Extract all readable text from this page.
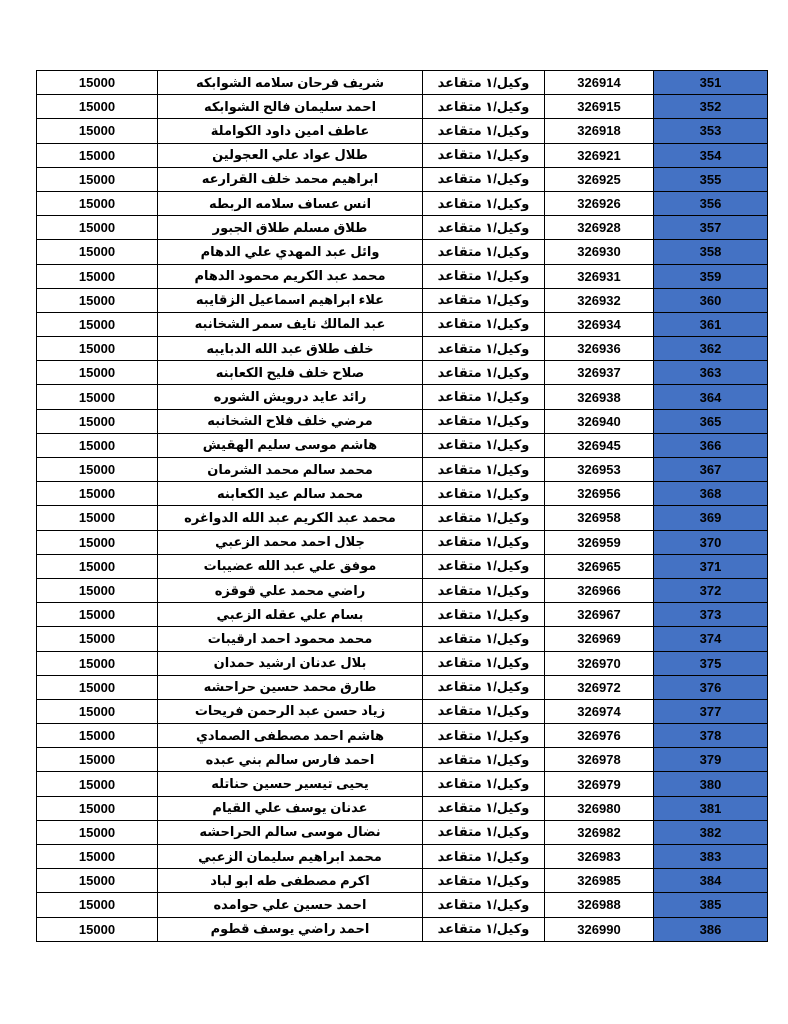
15000	شريف فرحان سلامه الشوابكه	وكيل/١ متقاعد	326914	351
15000	احمد سليمان فالح الشوابكه	وكيل/١ متقاعد	326915	352
15000	عاطف امين داود الكواملة	وكيل/١ متقاعد	326918	353
15000	طلال عواد علي العجولين	وكيل/١ متقاعد	326921	354
15000	ابراهيم محمد خلف القرارعه	وكيل/١ متقاعد	326925	355
15000	انس عساف سلامه الربطه	وكيل/١ متقاعد	326926	356
15000	طلاق مسلم طلاق الجبور	وكيل/١ متقاعد	326928	357
15000	وائل عبد المهدي علي الدهام	وكيل/١ متقاعد	326930	358
15000	محمد عبد الكريم محمود الدهام	وكيل/١ متقاعد	326931	359
15000	علاء ابراهيم اسماعيل الزقايبه	وكيل/١ متقاعد	326932	360
15000	عبد المالك نايف سمر الشخانبه	وكيل/١ متقاعد	326934	361
15000	خلف طلاق عبد الله الدبايبه	وكيل/١ متقاعد	326936	362
15000	صلاح خلف فليح الكعابنه	وكيل/١ متقاعد	326937	363
15000	رائد عايد درويش الشوره	وكيل/١ متقاعد	326938	364
15000	مرضي خلف فلاح الشخانبه	وكيل/١ متقاعد	326940	365
15000	هاشم موسى سليم الهقيش	وكيل/١ متقاعد	326945	366
15000	محمد سالم محمد الشرمان	وكيل/١ متقاعد	326953	367
15000	محمد سالم عيد الكعابنه	وكيل/١ متقاعد	326956	368
15000	محمد عبد الكريم عبد الله الدواغره	وكيل/١ متقاعد	326958	369
15000	جلال احمد محمد الزعبي	وكيل/١ متقاعد	326959	370
15000	موفق علي عبد الله عضيبات	وكيل/١ متقاعد	326965	371
15000	راضي محمد علي قوقزه	وكيل/١ متقاعد	326966	372
15000	بسام علي عقله الزعبي	وكيل/١ متقاعد	326967	373
15000	محمد محمود احمد ارقيبات	وكيل/١ متقاعد	326969	374
15000	بلال عدنان ارشيد حمدان	وكيل/١ متقاعد	326970	375
15000	طارق محمد حسين حراحشه	وكيل/١ متقاعد	326972	376
15000	زياد حسن عبد الرحمن فريحات	وكيل/١ متقاعد	326974	377
15000	هاشم احمد مصطفى الصمادي	وكيل/١ متقاعد	326976	378
15000	احمد فارس سالم بني عبده	وكيل/١ متقاعد	326978	379
15000	يحيى تيسير حسين حناتله	وكيل/١ متقاعد	326979	380
15000	عدنان يوسف علي القيام	وكيل/١ متقاعد	326980	381
15000	نضال موسى سالم الحراحشه	وكيل/١ متقاعد	326982	382
15000	محمد ابراهيم سليمان الزعبي	وكيل/١ متقاعد	326983	383
15000	اكرم مصطفى طه ابو لباد	وكيل/١ متقاعد	326985	384
15000	احمد حسين علي حوامده	وكيل/١ متقاعد	326988	385
15000	احمد راضي يوسف قطوم	وكيل/١ متقاعد	326990	386
